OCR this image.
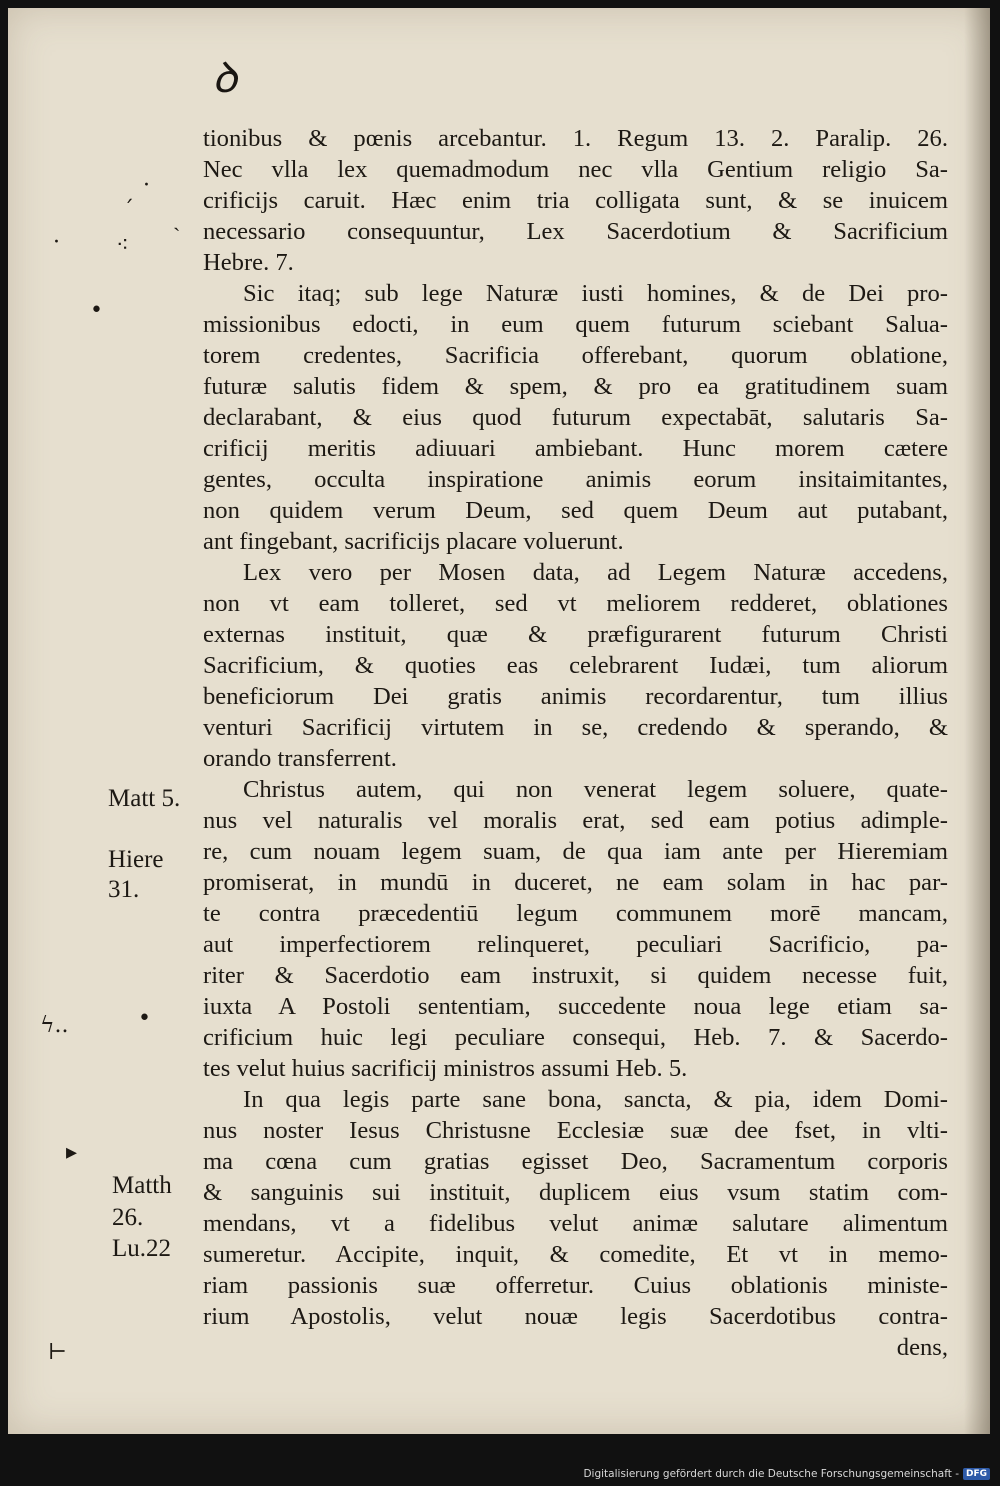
ꝺ
·
ˊ ˏ
·	⁖
•
•
ϟ..
▸
⊢
Matt 5.
Hiere
31.
Matth
26.
Lu.22
tionibus & pœnis arcebantur. 1. Regum 13. 2. Paralip. 26.
Nec vlla lex quemadmodum nec vlla Gentium religio Sa-
crificijs caruit. Hæc enim tria colligata sunt, & se inuicem
necessario consequuntur, Lex Sacerdotium & Sacrificium
Hebre. 7.
Sic itaq; sub lege Naturæ iusti homines, & de Dei pro-
missionibus edocti, in eum quem futurum sciebant Salua-
torem credentes, Sacrificia offerebant, quorum oblatione,
futuræ salutis fidem & spem, & pro ea gratitudinem suam
declarabant, & eius quod futurum expectabāt, salutaris Sa-
crificij meritis adiuuari ambiebant. Hunc morem cætere
gentes, occulta inspiratione animis eorum insitaimitantes,
non quidem verum Deum, sed quem Deum aut putabant,
ant fingebant, sacrificijs placare voluerunt.
Lex vero per Mosen data, ad Legem Naturæ accedens,
non vt eam tolleret, sed vt meliorem redderet, oblationes
externas instituit, quæ & præfigurarent futurum Christi
Sacrificium, & quoties eas celebrarent Iudæi, tum aliorum
beneficiorum Dei gratis animis recordarentur, tum illius
venturi Sacrificij virtutem in se, credendo & sperando, &
orando transferrent.
Christus autem, qui non venerat legem soluere, quate-
nus vel naturalis vel moralis erat, sed eam potius adimple-
re, cum nouam legem suam, de qua iam ante per Hieremiam
promiserat, in mundū in duceret, ne eam solam in hac par-
te contra præcedentiū legum communem morē mancam,
aut imperfectiorem relinqueret, peculiari Sacrificio, pa-
riter & Sacerdotio eam instruxit, si quidem necesse fuit,
iuxta A Postoli sententiam, succedente noua lege etiam sa-
crificium huic legi peculiare consequi, Heb. 7. & Sacerdo-
tes velut huius sacrificij ministros assumi Heb. 5.
In qua legis parte sane bona, sancta, & pia, idem Domi-
nus noster Iesus Christusne Ecclesiæ suæ dee fset, in vlti-
ma cœna cum gratias egisset Deo, Sacramentum corporis
& sanguinis sui instituit, duplicem eius vsum statim com-
mendans, vt a fidelibus velut animæ salutare alimentum
sumeretur. Accipite, inquit, & comedite, Et vt in memo-
riam passionis suæ offerretur. Cuius oblationis ministe-
rium Apostolis, velut nouæ legis Sacerdotibus contra-
dens,
Digitalisierung gefördert durch die Deutsche Forschungsgemeinschaft - DFG
